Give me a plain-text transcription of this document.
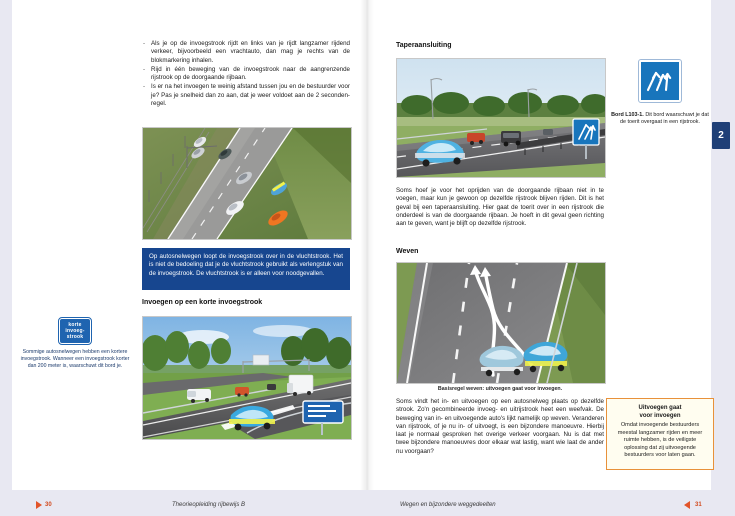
- Als je op de invoegstrook rijdt en links van je rijdt langzamer rijdend verkeer, bijvoorbeeld een vrachtauto, dan mag je rechts van de blokmarkering inhalen.
- Rijd in één beweging van de invoegstrook naar de aangrenzende rijstrook op de doorgaande rijbaan.
- Is er na het invoegen te weinig afstand tussen jou en de bestuurder voor je? Pas je snelheid dan zo aan, dat je weer voldoet aan de 2 seconden-regel.
Op autosnelwegen loopt de invoegstrook over in de vluchtstrook. Het is niet de bedoeling dat je de vluchtstrook gebruikt als verlengstuk van de invoegstrook. De vluchtstrook is er alleen voor noodgevallen.
Invoegen op een korte invoegstrook
korte
invoeg-
strook
Sommige autosnelwegen hebben een kortere invoegstrook. Wanneer een invoegstrook korter dan 200 meter is, waarschuwt dit bord je.
30	Theorieopleiding rijbewijs B
2
Taperaansluiting
Soms hoef je voor het oprijden van de doorgaande rijbaan niet in te voegen, maar kun je gewoon op dezelfde rijstrook blijven rijden. Dit is het geval bij een taperaansluiting. Hier gaat de toerit over in een rijstrook die onderdeel is van de doorgaande rijbaan. Je hoeft in dit geval geen richting aan te geven, want je blijft op dezelfde rijstrook.
Weven
Basisregel weven: uitvoegen gaat voor invoegen.
Soms vindt het in- en uitvoegen op een autosnelweg plaats op dezelfde strook. Zo'n gecombineerde invoeg- en uitrijstrook heet een weefvak. De beweging van in- en uitvoegende auto's lijkt namelijk op weven. Veranderen van rijstrook, of je nu in- of uitvoegt, is een bijzondere manoeuvre. Hierbij laat je normaal gesproken het overige verkeer voorgaan. Nu is dat met twee bijzondere manoeuvres door elkaar wat lastig, want wie laat de ander nu voorgaan?
Bord L103-1. Dit bord waarschuwt je dat de toerit overgaat in een rijstrook.
Uitvoegen gaat
voor invoegen
Omdat invoegende bestuurders meestal langzamer rijden en meer ruimte hebben, is de veiligste oplossing dat zij uitvoegende bestuurders voor laten gaan.
Wegen en bijzondere weggedeelten	31
